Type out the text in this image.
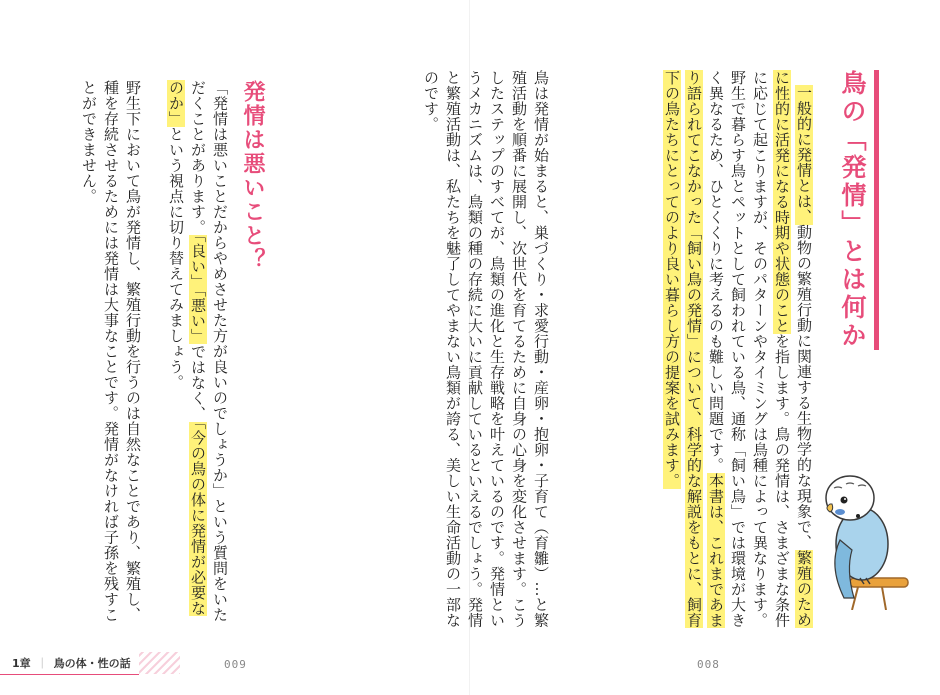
鳥の「発情」とは何か
一般的に発情とは、動物の繁殖行動に関連する生物学的な現象で、繁殖のために性的に活発になる時期や状態のことを指します。鳥の発情は、さまざまな条件に応じて起こりますが、そのパターンやタイミングは鳥種によって異なります。野生で暮らす鳥とペットとして飼われている鳥、通称「飼い鳥」では環境が大きく異なるため、ひとくくりに考えるのも難しい問題です。本書は、これまであまり語られてこなかった「飼い鳥の発情」について、科学的な解説をもとに、飼育下の鳥たちにとってのより良い暮らし方の提案を試みます。
鳥は発情が始まると、巣づくり・求愛行動・産卵・抱卵・子育て（育雛）…と繁殖活動を順番に展開し、次世代を育てるために自身の心身を変化させます。こうしたステップのすべてが、鳥類の進化と生存戦略を叶えているのです。発情というメカニズムは、鳥類の種の存続に大いに貢献しているといえるでしょう。発情と繁殖活動は、私たちを魅了してやまない鳥類が誇る、美しい生命活動の一部なのです。
008
発情は悪いこと？
「発情は悪いことだからやめさせた方が良いのでしょうか」という質問をいただくことがあります。「良い」「悪い」ではなく、「今の鳥の体に発情が必要なのか」という視点に切り替えてみましょう。
野生下において鳥が発情し、繁殖行動を行うのは自然なことであり、繁殖し、種を存続させるためには発情は大事なことです。発情がなければ子孫を残すことができません。
009
1章 ｜ 鳥の体・性の話
